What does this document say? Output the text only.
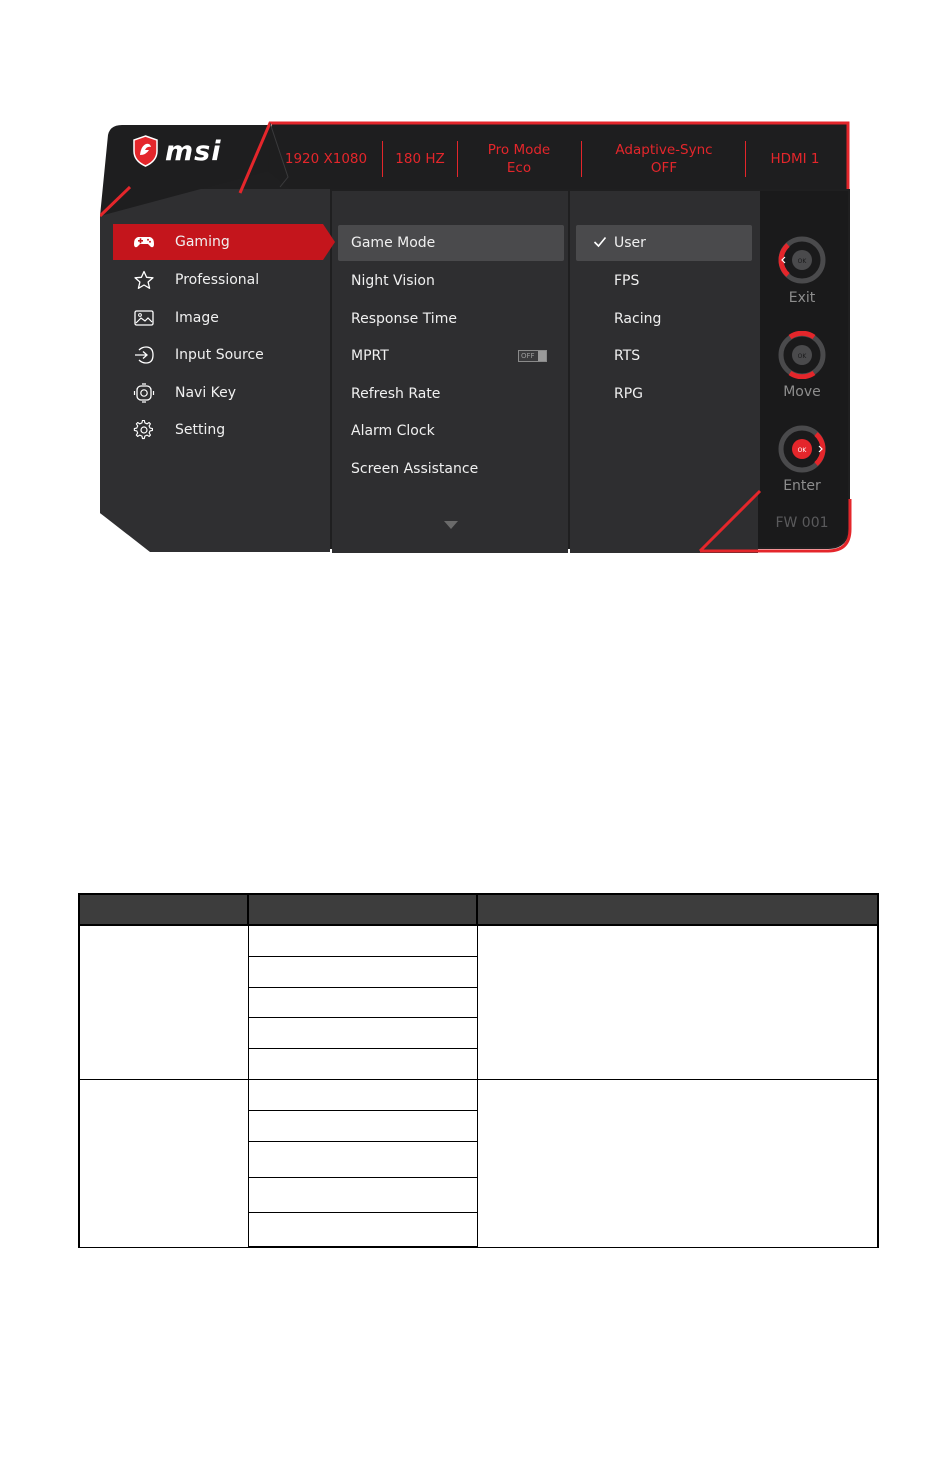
msi	1920 X1080 180 HZ
Pro Mode
Eco
Adaptive-Sync
OFF
HDMI 1
Gaming
Professional
Image
Input Source
Navi Key
Setting
Game Mode
Night Vision
Response Time
MPRT	OFF
Refresh Rate
Alarm Clock
Screen Assistance
User
FPS
Racing
RTS
RPG
OK
Exit
OK
Move
OK
Enter
FW 001
